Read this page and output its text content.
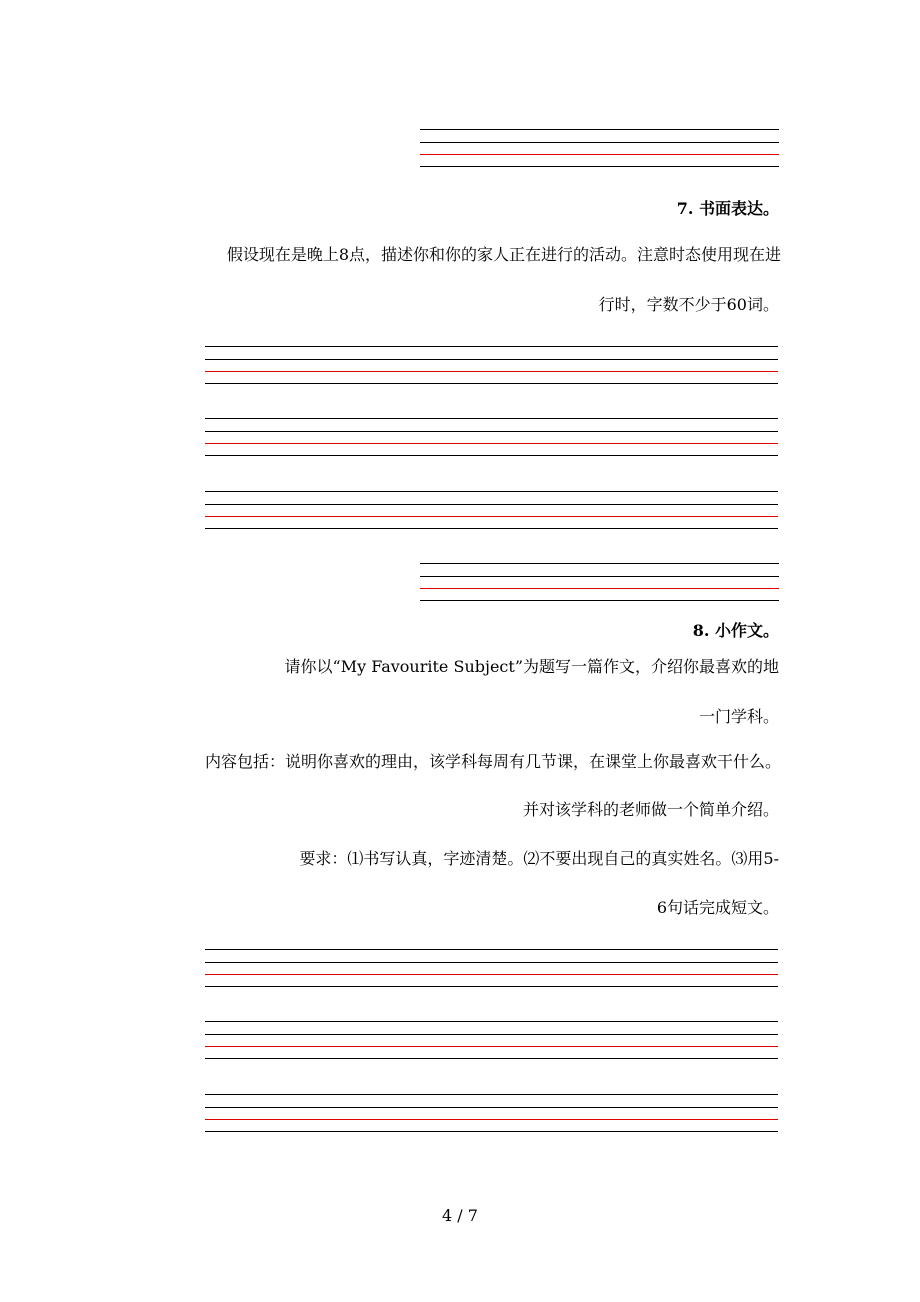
7. 书面表达。
假设现在是晚上8点，描述你和你的家人正在进行的活动。注意时态使用现在进
行时，字数不少于60词。
8. 小作文。
请你以“My Favourite Subject”为题写一篇作文，介绍你最喜欢的地
一门学科。
内容包括：说明你喜欢的理由，该学科每周有几节课，在课堂上你最喜欢干什么。
并对该学科的老师做一个简单介绍。
要求：⑴书写认真，字迹清楚。⑵不要出现自己的真实姓名。⑶用5-
6句话完成短文。
4 / 7
